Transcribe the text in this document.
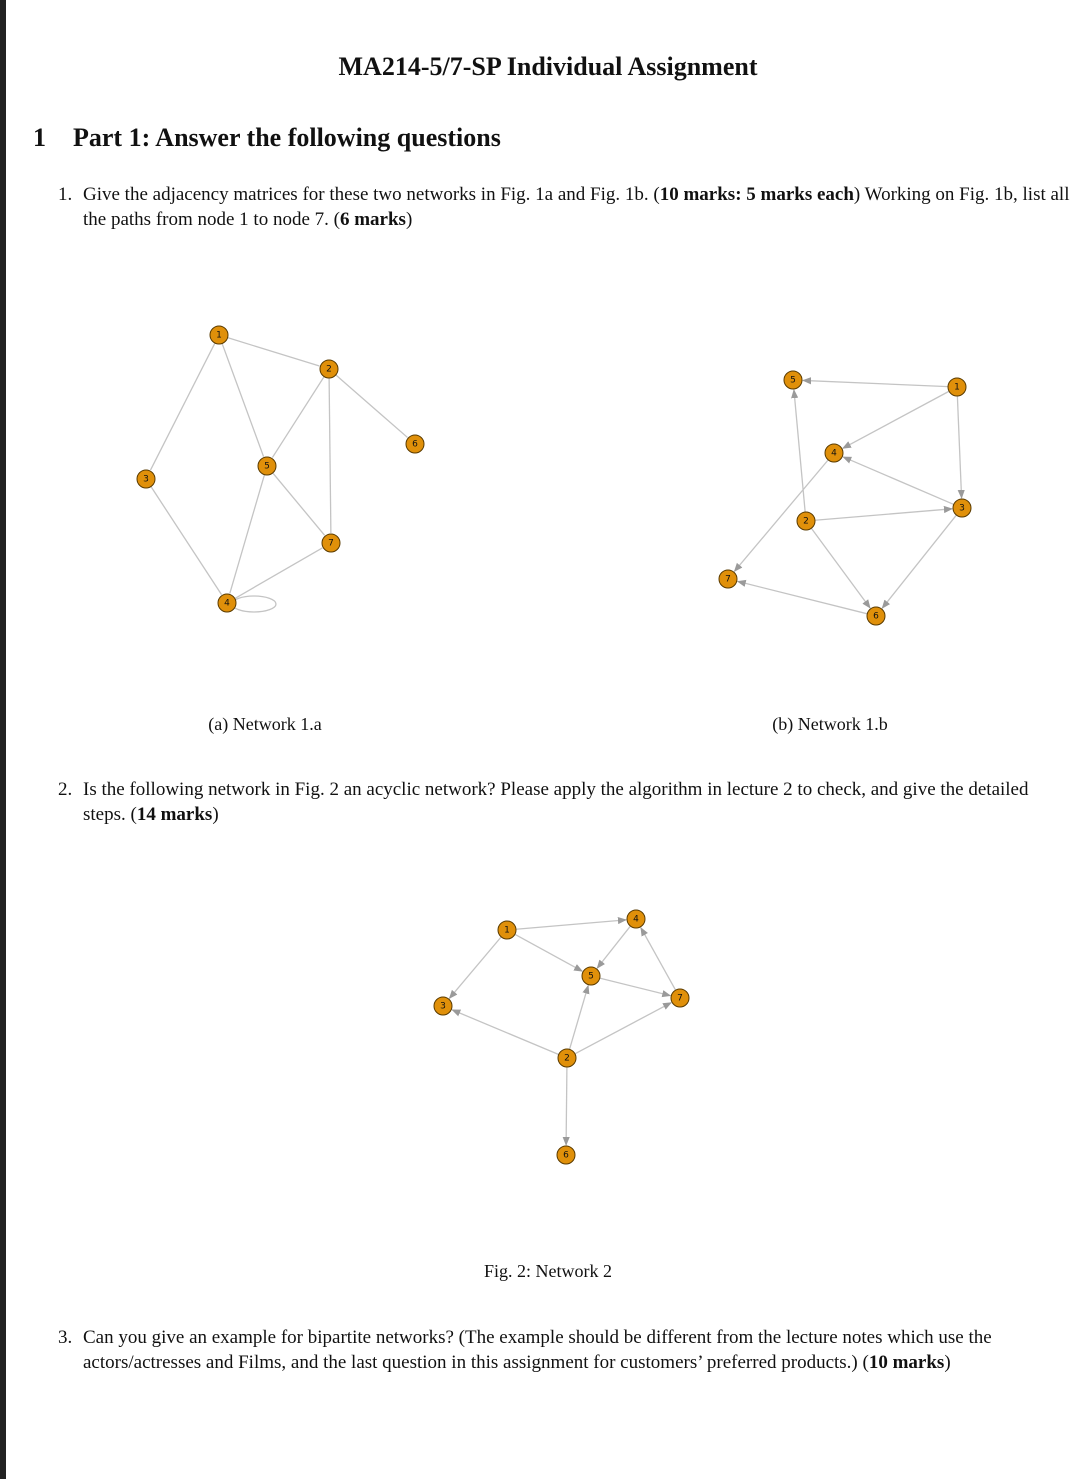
MA214-5/7-SP Individual Assignment
1 Part 1: Answer the following questions
1. Give the adjacency matrices for these two networks in Fig. 1a and Fig. 1b. (10 marks: 5 marks each) Working on Fig. 1b, list all the paths from node 1 to node 7. (6 marks)
2. Is the following network in Fig. 2 an acyclic network? Please apply the algorithm in lecture 2 to check, and give the detailed steps. (14 marks)
3. Can you give an example for bipartite networks? (The example should be different from the lecture notes which use the actors/actresses and Films, and the last question in this assignment for customers’ preferred products.) (10 marks)
1
2
3
4
5
6
7
1
2
3
4
5
6
7
1
2
3
4
5
6
7
(a) Network 1.a	(b) Network 1.b
Fig. 2: Network 2
